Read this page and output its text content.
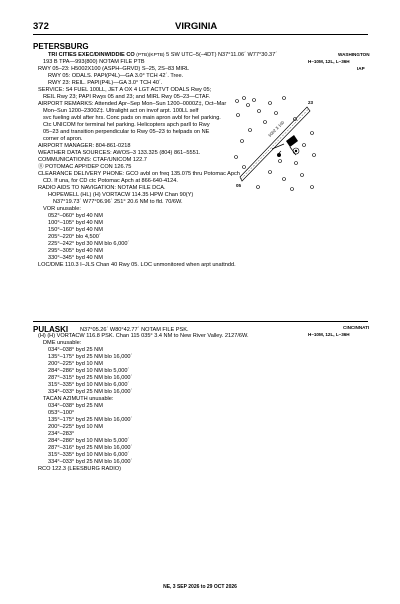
372	VIRGINIA
PETERSBURG
TRI CITIES EXEC/DINWIDDIE CO (PTB)(KPTB) 5 SW UTC–5(–4DT) N37°11.06´ W77°30.37´	WASHINGTON
H–10M, 12L, L–36H
IAP
193 B TPA—993(800) NOTAM FILE PTB
RWY 05–23: H5002X100 (ASPH–GRVD) S–25, 2S–83 MIRL
RWY 05: ODALS. PAPI(P4L)—GA 3.0° TCH 42´. Tree.
RWY 23: REIL. PAPI(P4L)—GA 3.0° TCH 40´.
SERVICE: S4 FUEL 100LL, JET A OX 4 LGT ACTVT ODALS Rwy 05;
REIL Rwy 23; PAPI Rwys 05 and 23; and MIRL Rwy 05–23—CTAF.
AIRPORT REMARKS: Attended Apr–Sep Mon–Sun 1200–0000Z‡, Oct–Mar
Mon–Sun 1200–2300Z‡. Ultralight act on invof arpt. 100LL self
svc fueling avbl after hrs. Conc pads on main apron avbl for hel parking.
Ctc UNICOM for terminal hel parking. Helicopters apch parll to Rwy
05–23 and transition perpendicular to Rwy 05–23 to helpads on NE
corner of apron.
AIRPORT MANAGER: 804-861-0218
WEATHER DATA SOURCES: AWOS–3 133.325 (804) 861–5551.
COMMUNICATIONS: CTAF/UNICOM 122.7
Ⓡ POTOMAC APP/DEP CON 126.75
CLEARANCE DELIVERY PHONE: GCO avbl on freq 135.075 thru Potomac Apch
CD. If una, for CD ctc Potomac Apch at 866-640-4124.
RADIO AIDS TO NAVIGATION: NOTAM FILE DCA.
HOPEWELL (HL) (H) VORTACW 114.35 HPW Chan 90(Y)
N37°19.73´ W77°06.96´ 251° 20.6 NM to fld. 70/6W.
VOR unusable:
052°–060° byd 40 NM
100°–105° byd 40 NM
150°–160° byd 40 NM
205°–220° blo 4,500´
225°–242° byd 30 NM blo 6,000´
295°–305° byd 40 NM
330°–345° byd 40 NM
LOC/DME 110.3 I–JLS Chan 40 Rwy 05. LOC unmonitored when arpt unattndd.
5002 X 100
05
23
PULASKI N37°05.26´ W80°42.77´ NOTAM FILE PSK.	CINCINNATI
H–10M, 12L, L–36H
(H) (H) VORTACW 116.8 PSK. Chan 115 035° 3.4 NM to New River Valley. 2127/6W.
DME unusable:
034°–038° byd 25 NM
135°–175° byd 25 NM blo 16,000´
200°–225° byd 10 NM
284°–286° byd 10 NM blo 5,000´
287°–315° byd 25 NM blo 16,000´
315°–335° byd 10 NM blo 6,000´
334°–033° byd 25 NM blo 16,000´
TACAN AZIMUTH unusable:
034°–038° byd 25 NM
053°–100°
135°–175° byd 25 NM blo 16,000´
200°–225° byd 10 NM
234°–283°
284°–286° byd 10 NM blo 5,000´
287°–316° byd 25 NM blo 16,000´
315°–335° byd 10 NM blo 6,000´
334°–033° byd 25 NM blo 16,000´
RCO 122.3 (LEESBURG RADIO)
NE, 3 SEP 2026 to 29 OCT 2026
